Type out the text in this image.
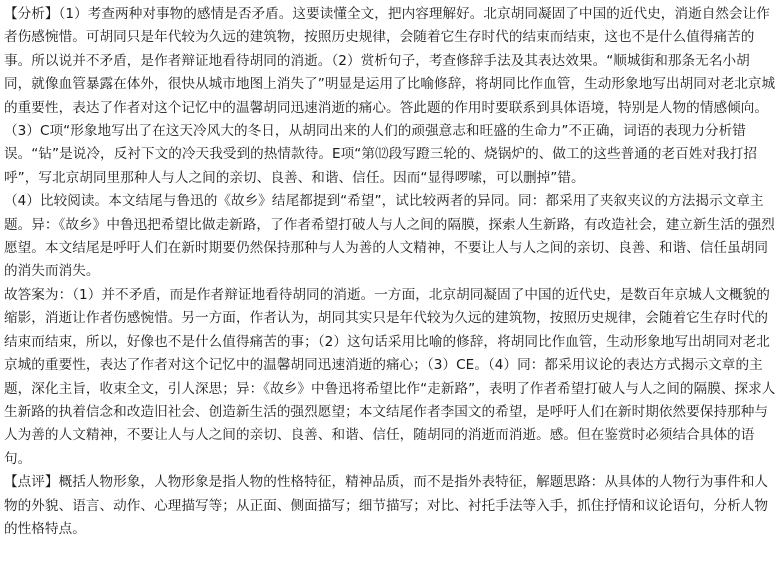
【分析】（1）考查两种对事物的感情是否矛盾。这要读懂全文，把内容理解好。北京胡同凝固了中国的近代史，消逝自然会让作者伤感惋惜。可胡同只是年代较为久远的建筑物，按照历史规律，会随着它生存时代的结束而结束，这也不是什么值得痛苦的事。所以说并不矛盾，是作者辩证地看待胡同的消逝。（2）赏析句子，考查修辞手法及其表达效果。“顺城街和那条无名小胡同，就像血管暴露在体外，很快从城市地图上消失了”明显是运用了比喻修辞，将胡同比作血管，生动形象地写出胡同对老北京城的重要性，表达了作者对这个记忆中的温馨胡同迅速消逝的痛心。答此题的作用时要联系到具体语境，特别是人物的情感倾向。

（3）C项“形象地写出了在这天冷风大的冬日，从胡同出来的人们的顽强意志和旺盛的生命力”不正确，词语的表现力分析错误。“钻”是说冷，反衬下文的冷天我受到的热情款待。E项“第⑿段写蹬三轮的、烧锅炉的、做工的这些普通的老百姓对我打招呼”，写北京胡同里那种人与人之间的亲切、良善、和谐、信任。因而“显得啰嗦，可以删掉”错。

（4）比较阅读。本文结尾与鲁迅的《故乡》结尾都提到“希望”，试比较两者的异同。同：都采用了夹叙夹议的方法揭示文章主题。异：《故乡》中鲁迅把希望比做走新路，了作者希望打破人与人之间的隔膜，探索人生新路，有改造社会，建立新生活的强烈愿望。本文结尾是呼吁人们在新时期要仍然保持那种与人为善的人文精神，不要让人与人之间的亲切、良善、和谐、信任虽胡同的消失而消失。

故答案为：（1）并不矛盾，而是作者辩证地看待胡同的消逝。一方面，北京胡同凝固了中国的近代史，是数百年京城人文概貌的缩影，消逝让作者伤感惋惜。另一方面，作者认为，胡同其实只是年代较为久远的建筑物，按照历史规律，会随着它生存时代的结束而结束，所以，好像也不是什么值得痛苦的事；（2）这句话采用比喻的修辞，将胡同比作血管，生动形象地写出胡同对老北京城的重要性，表达了作者对这个记忆中的温馨胡同迅速消逝的痛心；（3）CE。（4）同：都采用议论的表达方式揭示文章的主题，深化主旨，收束全文，引人深思；异：《故乡》中鲁迅将希望比作“走新路”，表明了作者希望打破人与人之间的隔膜、探求人生新路的执着信念和改造旧社会、创造新生活的强烈愿望；本文结尾作者李国文的希望，是呼吁人们在新时期依然要保持那种与人为善的人文精神，不要让人与人之间的亲切、良善、和谐、信任，随胡同的消逝而消逝。感。但在鉴赏时必须结合具体的语句。

【点评】概括人物形象，人物形象是指人物的性格特征，精神品质，而不是指外表特征，解题思路：从具体的人物行为事件和人物的外貌、语言、动作、心理描写等；从正面、侧面描写；细节描写；对比、衬托手法等入手，抓住抒情和议论语句，分析人物的性格特点。
